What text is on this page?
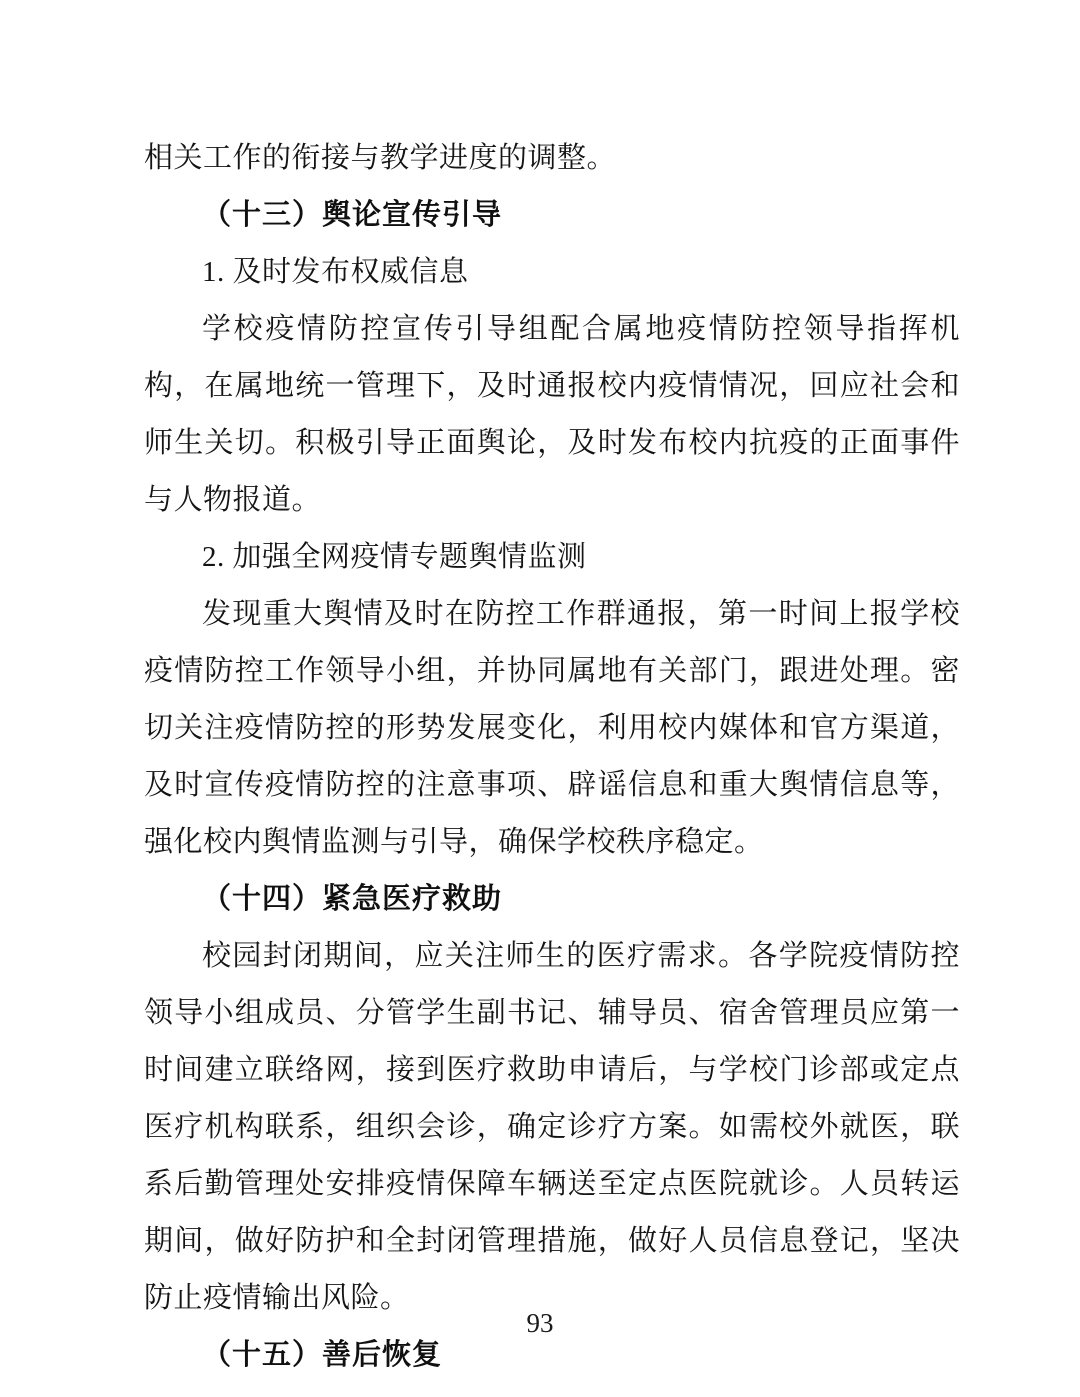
相关工作的衔接与教学进度的调整。

（十三）舆论宣传引导

1. 及时发布权威信息

学校疫情防控宣传引导组配合属地疫情防控领导指挥机构，在属地统一管理下，及时通报校内疫情情况，回应社会和师生关切。积极引导正面舆论，及时发布校内抗疫的正面事件与人物报道。

2. 加强全网疫情专题舆情监测

发现重大舆情及时在防控工作群通报，第一时间上报学校疫情防控工作领导小组，并协同属地有关部门，跟进处理。密切关注疫情防控的形势发展变化，利用校内媒体和官方渠道，及时宣传疫情防控的注意事项、辟谣信息和重大舆情信息等，强化校内舆情监测与引导，确保学校秩序稳定。

（十四）紧急医疗救助

校园封闭期间，应关注师生的医疗需求。各学院疫情防控领导小组成员、分管学生副书记、辅导员、宿舍管理员应第一时间建立联络网，接到医疗救助申请后，与学校门诊部或定点医疗机构联系，组织会诊，确定诊疗方案。如需校外就医，联系后勤管理处安排疫情保障车辆送至定点医院就诊。人员转运期间，做好防护和全封闭管理措施，做好人员信息登记，坚决防止疫情输出风险。

（十五）善后恢复
93
